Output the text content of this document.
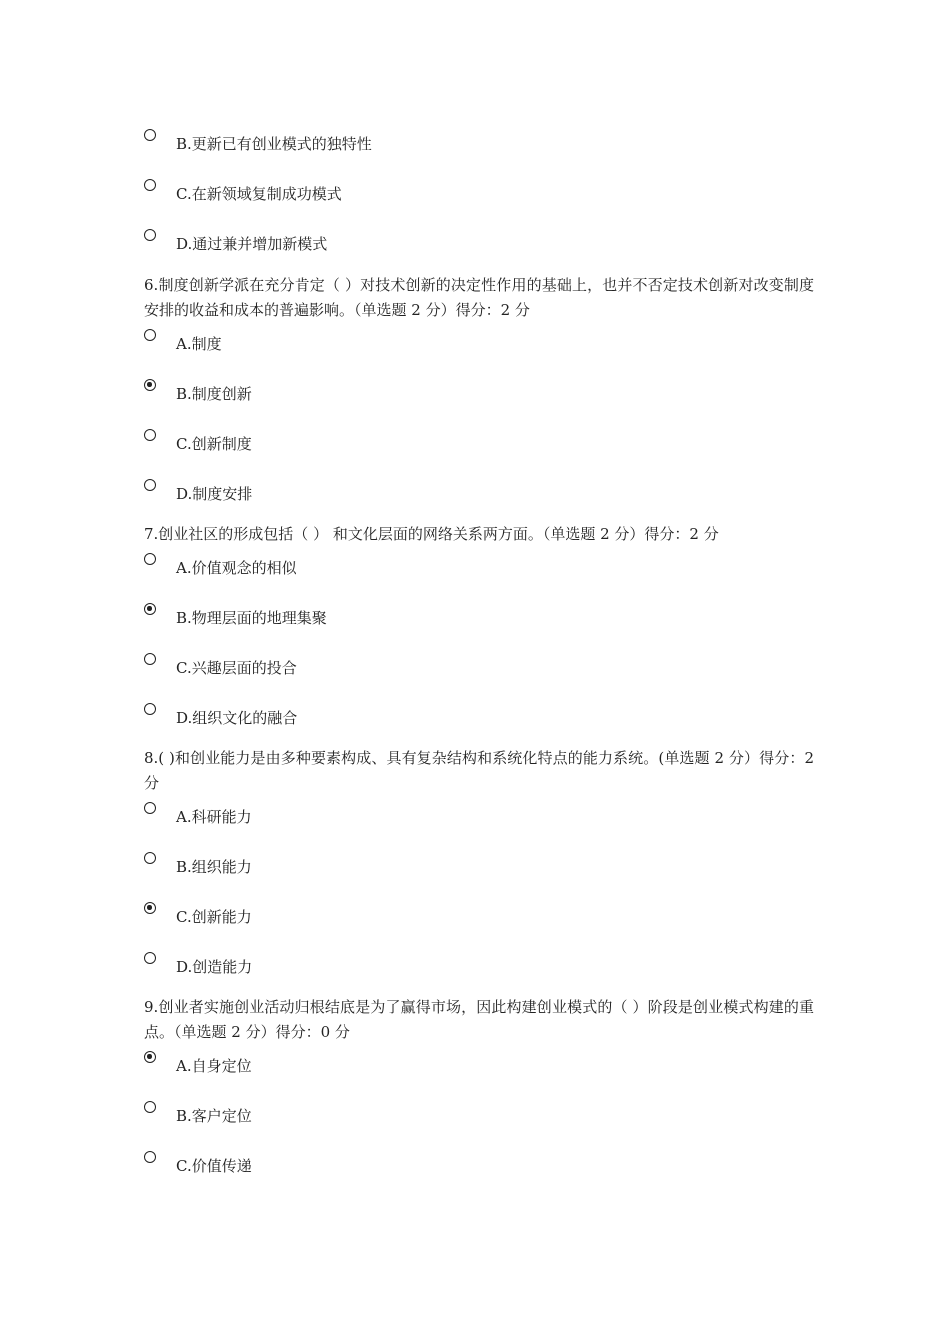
B.更新已有创业模式的独特性
C.在新领域复制成功模式
D.通过兼并增加新模式
6.制度创新学派在充分肯定（ ）对技术创新的决定性作用的基础上，也并不否定技术创新对改变制度安排的收益和成本的普遍影响。（单选题 2 分）得分：2 分
A.制度
B.制度创新
C.创新制度
D.制度安排
7.创业社区的形成包括（ ） 和文化层面的网络关系两方面。（单选题 2 分）得分：2 分
A.价值观念的相似
B.物理层面的地理集聚
C.兴趣层面的投合
D.组织文化的融合
8.( )和创业能力是由多种要素构成、具有复杂结构和系统化特点的能力系统。(单选题 2 分）得分：2 分
A.科研能力
B.组织能力
C.创新能力
D.创造能力
9.创业者实施创业活动归根结底是为了赢得市场，因此构建创业模式的（ ）阶段是创业模式构建的重点。（单选题 2 分）得分：0 分
A.自身定位
B.客户定位
C.价值传递
